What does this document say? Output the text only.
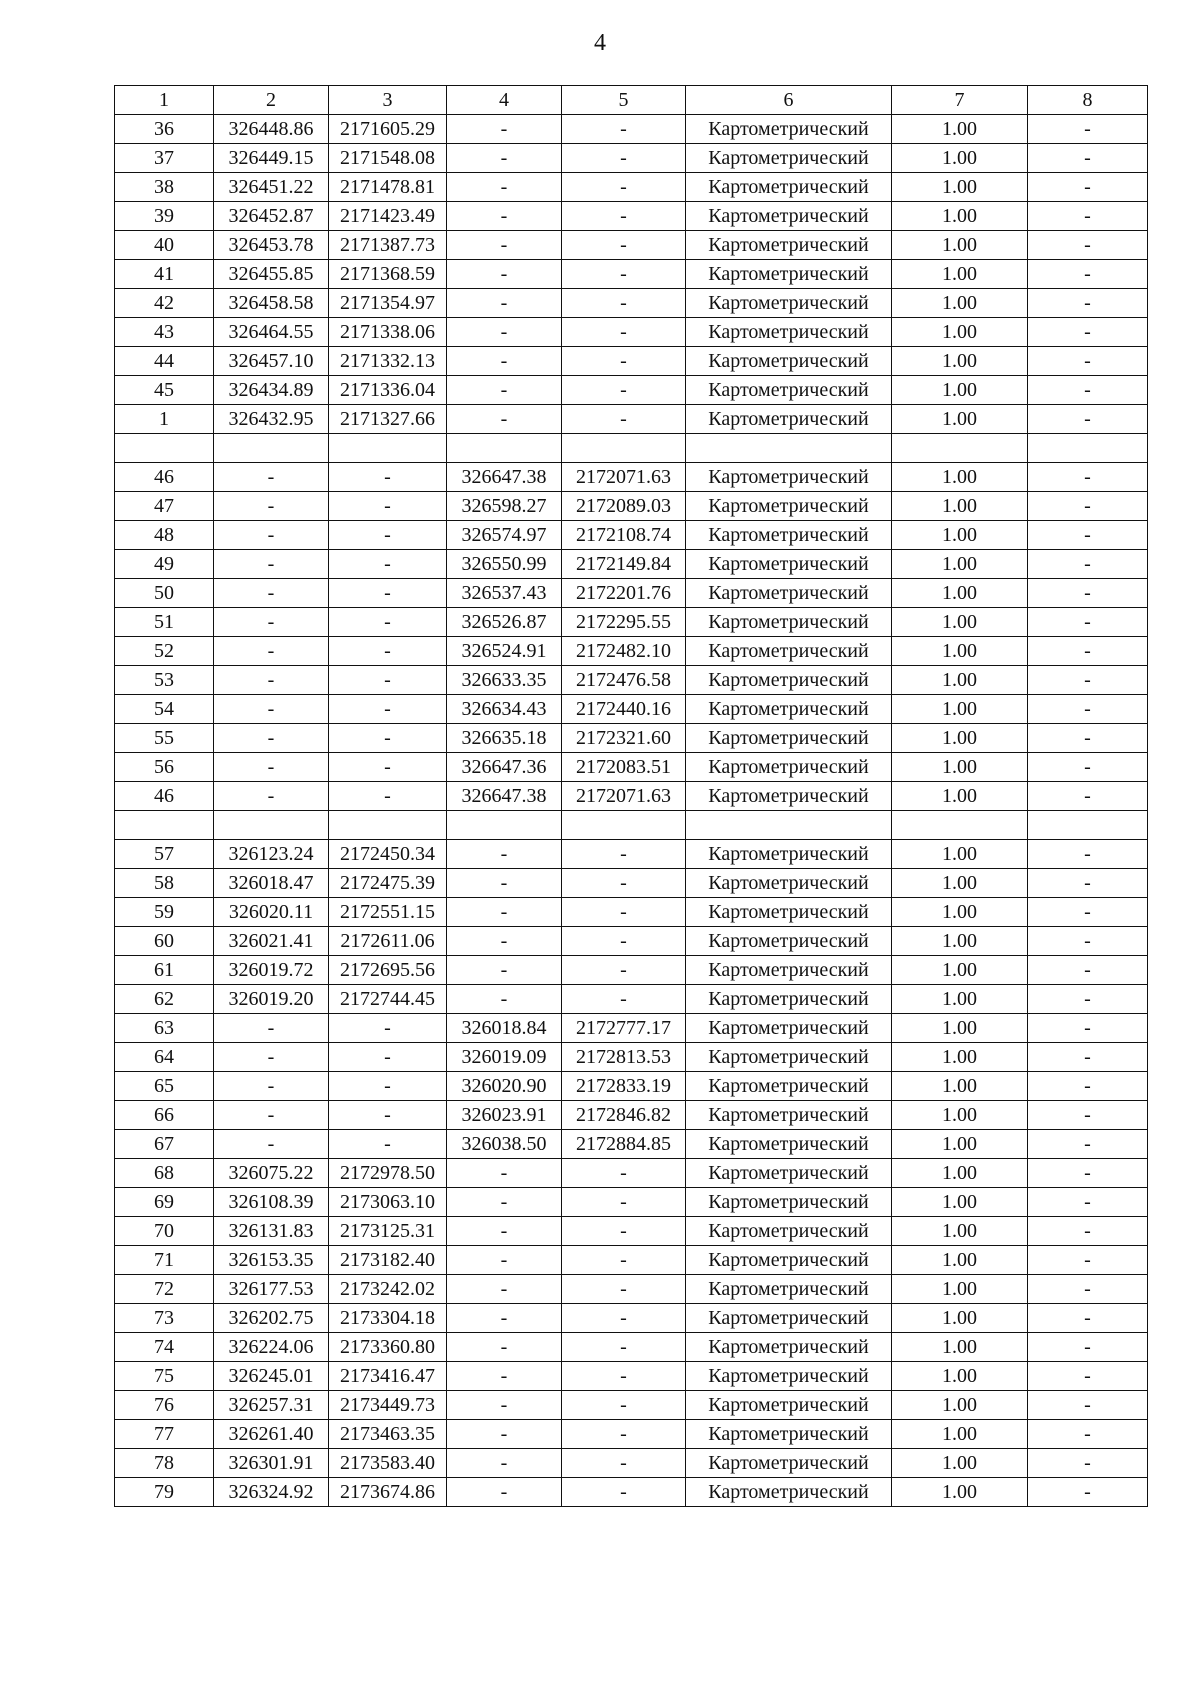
4
1	2	3	4	5	6	7	8
36	326448.86	2171605.29	-	-	Картометрический	1.00	-
37	326449.15	2171548.08	-	-	Картометрический	1.00	-
38	326451.22	2171478.81	-	-	Картометрический	1.00	-
39	326452.87	2171423.49	-	-	Картометрический	1.00	-
40	326453.78	2171387.73	-	-	Картометрический	1.00	-
41	326455.85	2171368.59	-	-	Картометрический	1.00	-
42	326458.58	2171354.97	-	-	Картометрический	1.00	-
43	326464.55	2171338.06	-	-	Картометрический	1.00	-
44	326457.10	2171332.13	-	-	Картометрический	1.00	-
45	326434.89	2171336.04	-	-	Картометрический	1.00	-
1	326432.95	2171327.66	-	-	Картометрический	1.00	-

46	-	-	326647.38	2172071.63	Картометрический	1.00	-
47	-	-	326598.27	2172089.03	Картометрический	1.00	-
48	-	-	326574.97	2172108.74	Картометрический	1.00	-
49	-	-	326550.99	2172149.84	Картометрический	1.00	-
50	-	-	326537.43	2172201.76	Картометрический	1.00	-
51	-	-	326526.87	2172295.55	Картометрический	1.00	-
52	-	-	326524.91	2172482.10	Картометрический	1.00	-
53	-	-	326633.35	2172476.58	Картометрический	1.00	-
54	-	-	326634.43	2172440.16	Картометрический	1.00	-
55	-	-	326635.18	2172321.60	Картометрический	1.00	-
56	-	-	326647.36	2172083.51	Картометрический	1.00	-
46	-	-	326647.38	2172071.63	Картометрический	1.00	-

57	326123.24	2172450.34	-	-	Картометрический	1.00	-
58	326018.47	2172475.39	-	-	Картометрический	1.00	-
59	326020.11	2172551.15	-	-	Картометрический	1.00	-
60	326021.41	2172611.06	-	-	Картометрический	1.00	-
61	326019.72	2172695.56	-	-	Картометрический	1.00	-
62	326019.20	2172744.45	-	-	Картометрический	1.00	-
63	-	-	326018.84	2172777.17	Картометрический	1.00	-
64	-	-	326019.09	2172813.53	Картометрический	1.00	-
65	-	-	326020.90	2172833.19	Картометрический	1.00	-
66	-	-	326023.91	2172846.82	Картометрический	1.00	-
67	-	-	326038.50	2172884.85	Картометрический	1.00	-
68	326075.22	2172978.50	-	-	Картометрический	1.00	-
69	326108.39	2173063.10	-	-	Картометрический	1.00	-
70	326131.83	2173125.31	-	-	Картометрический	1.00	-
71	326153.35	2173182.40	-	-	Картометрический	1.00	-
72	326177.53	2173242.02	-	-	Картометрический	1.00	-
73	326202.75	2173304.18	-	-	Картометрический	1.00	-
74	326224.06	2173360.80	-	-	Картометрический	1.00	-
75	326245.01	2173416.47	-	-	Картометрический	1.00	-
76	326257.31	2173449.73	-	-	Картометрический	1.00	-
77	326261.40	2173463.35	-	-	Картометрический	1.00	-
78	326301.91	2173583.40	-	-	Картометрический	1.00	-
79	326324.92	2173674.86	-	-	Картометрический	1.00	-
